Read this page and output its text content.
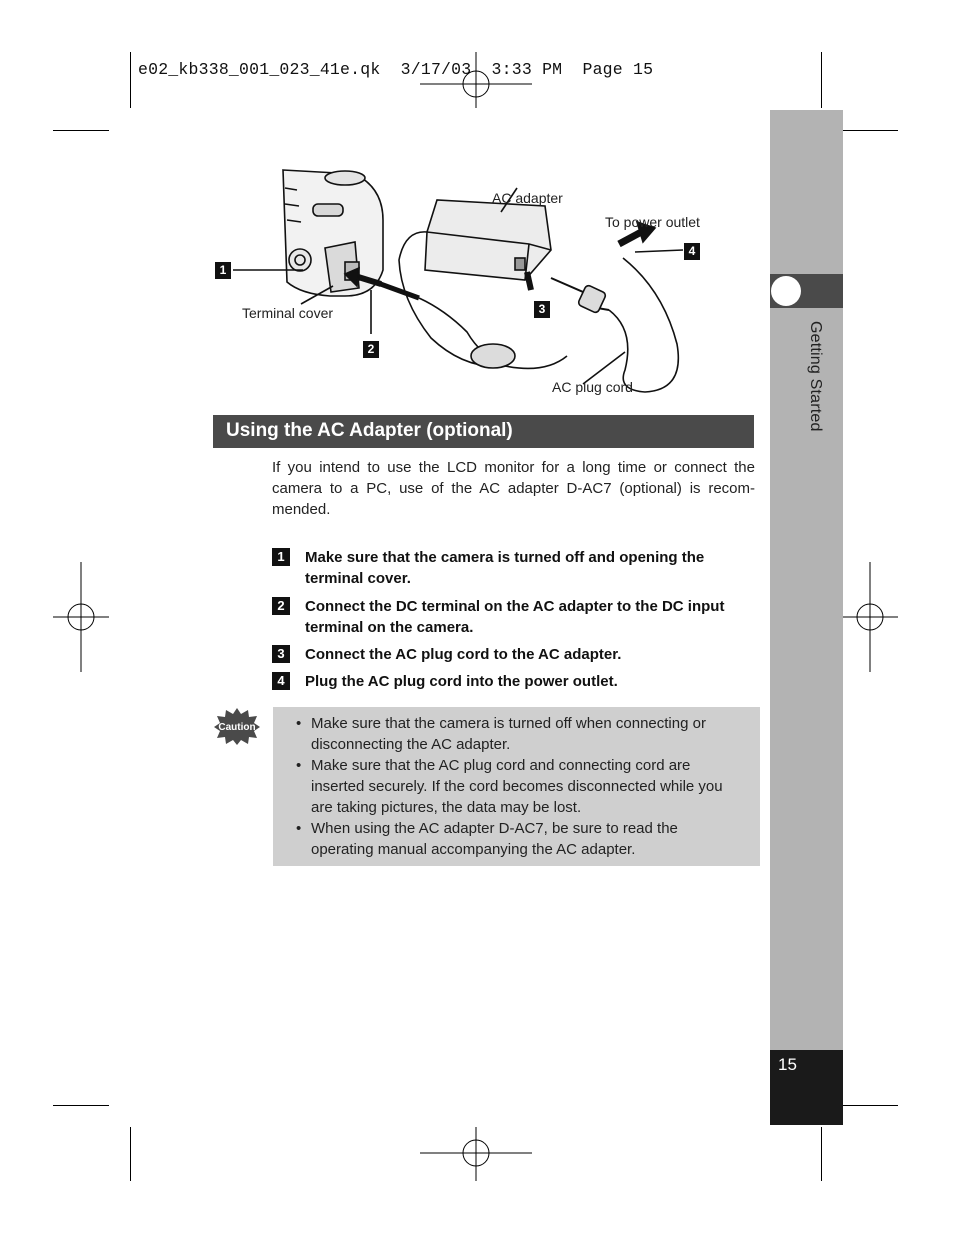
e02_kb338_001_023_41e.qk  3/17/03  3:33 PM  Page 15
Getting Started
15
AC adapter
To power outlet
Terminal cover
AC plug cord
1
2
3
4
Using the AC Adapter (optional)
If you intend to use the LCD monitor for a long time or connect the camera to a PC, use of the AC adapter D-AC7 (optional) is recom-mended.
1	Make sure that the camera is turned off and opening the terminal cover.
2	Connect the DC terminal on the AC adapter to the DC input terminal on the camera.
3	Connect the AC plug cord to the AC adapter.
4	Plug the AC plug cord into the power outlet.
Caution	• Make sure that the camera is turned off when connecting or disconnecting the AC adapter.
• Make sure that the AC plug cord and connecting cord are inserted securely. If the cord becomes disconnected while you are taking pictures, the data may be lost.
• When using the AC adapter D-AC7, be sure to read the operating manual accompanying the AC adapter.
